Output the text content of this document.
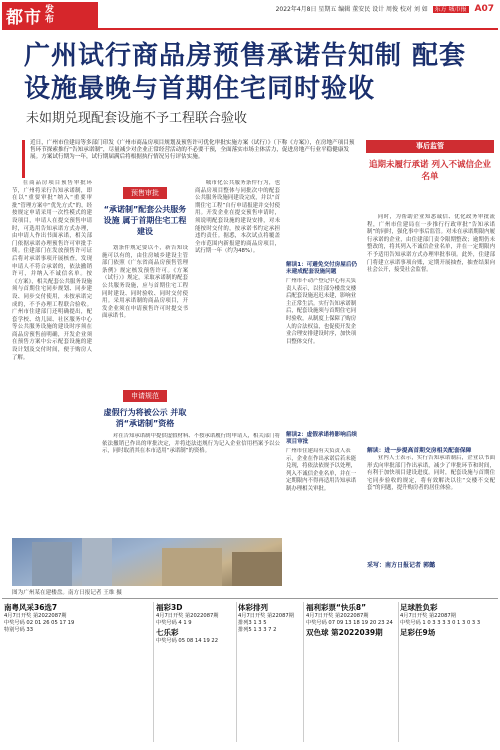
都市 发布
2022年4月8日 星期五 编辑 董安民 设计 周俊 校对 刘 如 东方 城市报 A07
广州试行商品房预售承诺告知制 配套设施最晚与首期住宅同时验收
未如期兑现配套设施不予工程联合验收
近日，广州市住建局等多部门印发《广州市商品房项目规划及预售许可优化审批实施方案（试行）》（下称《方案》），在房地产项目预售环节探索推行“告知承诺制”，尽量减少对企业正常经营活动的不必要干预，全面落实市场主体活力，促进房地产行业平稳健康发展。方案试行期为一年，试行期届满后将根据执行情况另行评估实施。
事后监管
追期未履行承诺 列入不诚信企业名单

在商品房项目预售审批环节，广州将采行告知承诺制，即在以“重要审批”纳入“重要审批”管理方案中“优先方式”的，经按规定申请采用一次性模式的建设项目，申请人在提交预售申请时，可选用告知承诺方式办理，由申请人作出书面承诺，相关部门依据承诺办理预售许可审批手续。住建部门在发放预售许可证后将对承诺事项开展核查，发现申请人不符合承诺的，依法撤销许可，并纳入不诚信名单。按《方案》，相关配套公共服务设施须与首期住宅同步规划、同步建设、同步交付使用，未按承诺完成的，不予办理工程联合验收。广州市住建部门还明确提出，配套学校、幼儿园、社区服务中心等公共服务设施的建设时序须在商品房预售前明确，开发企业须在预售方案中公示配套设施的建设计划及交付时间，便于购房人了解。

预售审批
“承诺制”配套公共服务设施 属于首期住宅工程建设

划条件规定要以不，新告知设施可以有的，由住房城乡建设主管部门依照《广东省商品房预售管理条例》规定核发预售许可。《方案（试行）》规定，采取承诺制的配套公共服务设施，应与首期住宅工程同时建设、同时验收、同时交付使用。采用承诺制的商品房项目，开发企业须在申请预售许可时提交书面承诺书。

申请规范
虚假行为将被公示 并取消“承诺制”资格

对在告知承诺制中提供虚假材料、不按承诺履行的申请人，相关部门将依法撤销已作出的审批决定，并将违法违规行为记入企业信用档案予以公示，同时取消其在本市适用“承诺制”的资格。

城市化公共服务条件行为，也商品房项目整体与同批次中的配套公共服务设施同建设完成，并以“首期住宅工程”自行申请报建并交付使用。开发企业在提交预售申请时，须说明配套设施的建设安排，对未能按时交付的，按承诺书约定承担违约责任。据悉，本次试点将覆盖全市范围内新报建的商品房项目，试行期一年（约为48%）。

解读1：可避免交付房屋后仍未建成配套设施问题
广州市不动产登记中心有关负责人表示，以往部分楼盘交楼后配套设施迟迟未建，影响业主正常生活。实行告知承诺制后，配套设施须与首期住宅同时验收，从制度上保障了购房人的合法权益，也促使开发企业合理安排建设时序，加快项目整体交付。
解读2：虚假承诺将影响后续项目审批
广州市住建局有关负责人表示，企业在作出承诺后若未能兑现，将依法依规予以处理，列入不诚信企业名单，并在一定期限内不得再适用告知承诺制办理相关审批。

同时，为帮助企业知悉诚信、优化政务审批流程，广州市住建局在一步推行行政审批“告知承诺制”的同时，强化事中事后监管。对未在承诺期限内履行承诺的企业，由住建部门责令限期整改；逾期仍未整改的，将其列入不诚信企业名单，并在一定期限内不予适用告知承诺方式办理审批事项。此外，住建部门将建立承诺事项台账，定期开展抽查，抽查结果向社会公开，接受社会监督。

解读：进一步提高首期交房相关配套保障

业内人士表示，实行告知承诺制后，企业以书面形式向审批部门作出承诺，减少了审批环节和时间，有利于加快项目建设进度。同时，配套设施与首期住宅同步验收的规定，将有效解决以往“交楼不交配套”的问题，提升购房者的居住体验。

采写：南方日报记者 郭懿
图为广州某在建楼盘。南方日报记者 王维 摄
南粤风采36选7
4月7日开奖 第2022087期
中奖号码 02 01 26 05 17 19
特别号码 33
福彩3D
4月7日开奖 第2022087期
中奖号码 4 1 9
七乐彩
中奖号码 05 08 14 19 22
体彩排列
4月7日开奖 第22087期
排列3 1 3 5
排列5 1 3 3 7 2
福利彩票“快乐8”
4月7日开奖 第2022087期
中奖号码 07 09 13 18 19 20 23 24
双色球 第2022039期
足球胜负彩
4月7日开奖 第22087期
中奖号码 1 0 3 3 3 3 0 1 3 0 3 3
足彩任9场
